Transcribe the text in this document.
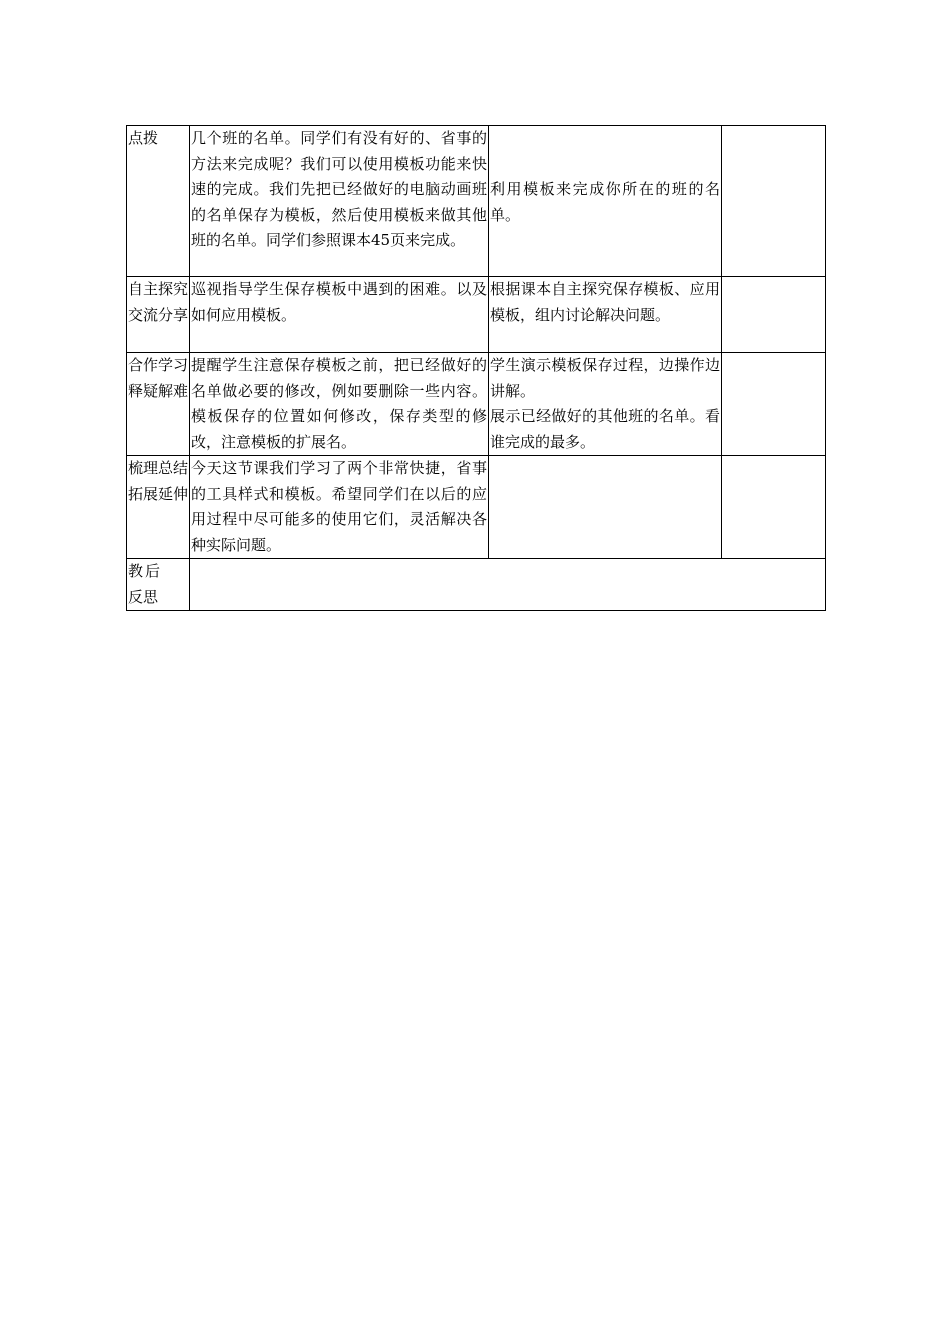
点拨	几个班的名单。同学们有没有好的、省事的方法来完成呢？我们可以使用模板功能来快速的完成。我们先把已经做好的电脑动画班的名单保存为模板，然后使用模板来做其他班的名单。同学们参照课本45页来完成。	利用模板来完成你所在的班的名单。	

自主探究交流分享	巡视指导学生保存模板中遇到的困难。以及如何应用模板。	根据课本自主探究保存模板、应用模板，组内讨论解决问题。	

合作学习释疑解难	提醒学生注意保存模板之前，把已经做好的名单做必要的修改，例如要删除一些内容。模板保存的位置如何修改，保存类型的修改，注意模板的扩展名。	学生演示模板保存过程，边操作边讲解。
展示已经做好的其他班的名单。看谁完成的最多。	

梳理总结拓展延伸	今天这节课我们学习了两个非常快捷，省事的工具样式和模板。希望同学们在以后的应用过程中尽可能多的使用它们，灵活解决各种实际问题。		

教后反思			
